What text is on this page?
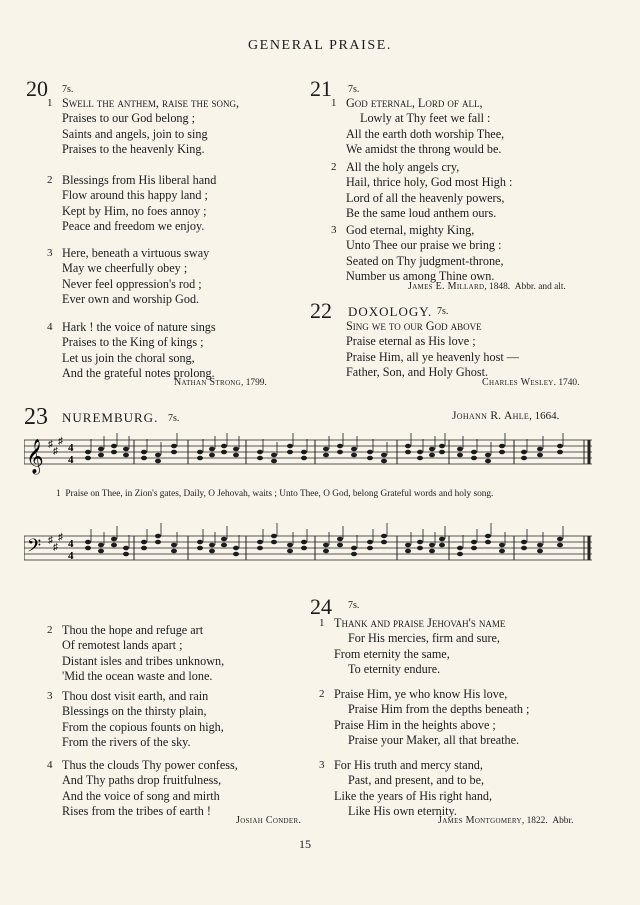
GENERAL PRAISE.
20 7s.
1 Swell the anthem, raise the song,
Praises to our God belong ;
Saints and angels, join to sing
Praises to the heavenly King.
2 Blessings from His liberal hand
Flow around this happy land ;
Kept by Him, no foes annoy ;
Peace and freedom we enjoy.
3 Here, beneath a virtuous sway
May we cheerfully obey ;
Never feel oppression's rod ;
Ever own and worship God.
4 Hark ! the voice of nature sings
Praises to the King of kings ;
Let us join the choral song,
And the grateful notes prolong.
Nathan Strong, 1799.
21 7s.
1 God eternal, Lord of all,
Lowly at Thy feet we fall :
All the earth doth worship Thee,
We amidst the throng would be.
2 All the holy angels cry,
Hail, thrice holy, God most High :
Lord of all the heavenly powers,
Be the same loud anthem ours.
3 God eternal, mighty King,
Unto Thee our praise we bring :
Seated on Thy judgment-throne,
Number us among Thine own.
James E. Millard, 1848. Abbr. and alt.
22 DOXOLOGY. 7s.
Sing we to our God above
Praise eternal as His love ;
Praise Him, all ye heavenly host —
Father, Son, and Holy Ghost.
Charles Wesley. 1740.
23 NUREMBURG. 7s.	Johann R. Ahle, 1664.
𝄞 ♯
♯
♯
4
4
1 Praise on Thee, in Zion's gates, Daily, O Jehovah, waits ; Unto Thee, O God, belong Grateful words and holy song.
𝄢 ♯
♯
♯
4
4
2 Thou the hope and refuge art
Of remotest lands apart ;
Distant isles and tribes unknown,
'Mid the ocean waste and lone.
3 Thou dost visit earth, and rain
Blessings on the thirsty plain,
From the copious founts on high,
From the rivers of the sky.
4 Thus the clouds Thy power confess,
And Thy paths drop fruitfulness,
And the voice of song and mirth
Rises from the tribes of earth !
Josiah Conder.
24 7s.
1 Thank and praise Jehovah's name
For His mercies, firm and sure,
From eternity the same,
To eternity endure.
2 Praise Him, ye who know His love,
Praise Him from the depths beneath ;
Praise Him in the heights above ;
Praise your Maker, all that breathe.
3 For His truth and mercy stand,
Past, and present, and to be,
Like the years of His right hand,
Like His own eternity.
James Montgomery, 1822. Abbr.
15
